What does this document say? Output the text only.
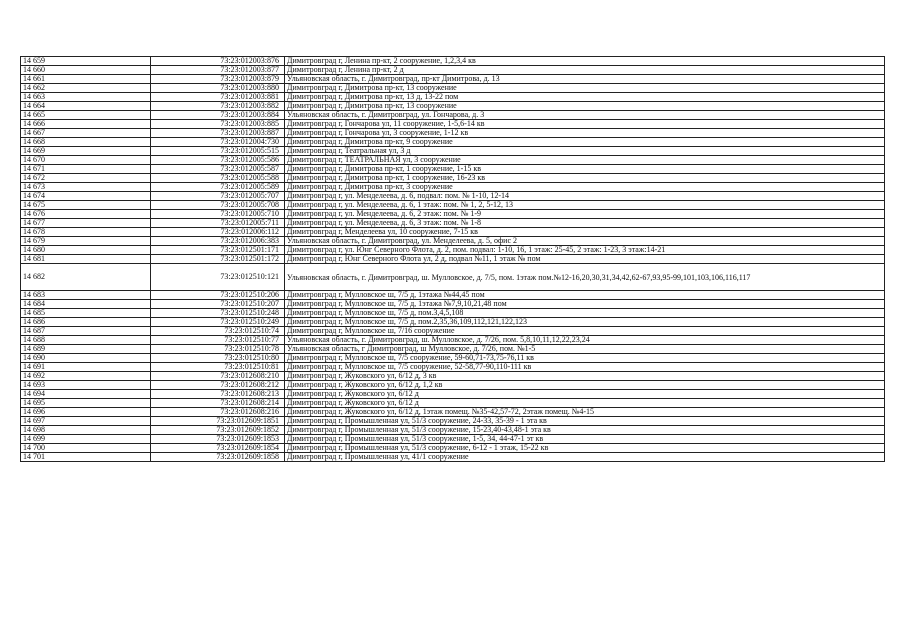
14 659	73:23:012003:876	Димитровград г, Ленина пр-кт, 2 сооружение, 1,2,3,4 кв
14 660	73:23:012003:877	Димитровград г, Ленина пр-кт, 2 д
14 661	73:23:012003:879	Ульяновская область, г. Димитровград, пр-кт Димитрова, д. 13
14 662	73:23:012003:880	Димитровград г, Димитрова пр-кт, 13 сооружение
14 663	73:23:012003:881	Димитровград г, Димитрова пр-кт, 13 д, 13-22 пом
14 664	73:23:012003:882	Димитровград г, Димитрова пр-кт, 13 сооружение
14 665	73:23:012003:884	Ульяновская область, г. Димитровград, ул. Гончарова, д. 3
14 666	73:23:012003:885	Димитровград г, Гончарова ул, 11 сооружение, 1-5,6-14 кв
14 667	73:23:012003:887	Димитровград г, Гончарова ул, 3 сооружение, 1-12 кв
14 668	73:23:012004:730	Димитровград г, Димитрова пр-кт, 9 сооружение
14 669	73:23:012005:515	Димитровград г, Театральная ул, 3 д
14 670	73:23:012005:586	Димитровград г, ТЕАТРАЛЬНАЯ ул, 3 сооружение
14 671	73:23:012005:587	Димитровград г, Димитрова пр-кт, 1 сооружение, 1-15 кв
14 672	73:23:012005:588	Димитровград г, Димитрова пр-кт, 1 сооружение, 16-23 кв
14 673	73:23:012005:589	Димитровград г, Димитрова пр-кт, 3 сооружение
14 674	73:23:012005:707	Димитровград г, ул. Менделеева, д. 6, подвал: пом. № 1-10, 12-14
14 675	73:23:012005:708	Димитровград г, ул. Менделеева, д. 6, 1 этаж: пом. № 1, 2, 5-12, 13
14 676	73:23:012005:710	Димитровград г, ул. Менделеева, д. 6, 2 этаж: пом. № 1-9
14 677	73:23:012005:711	Димитровград г, ул. Менделеева, д. 6, 3 этаж: пом. № 1-8
14 678	73:23:012006:112	Димитровград г, Менделеева ул, 10 сооружение, 7-15 кв
14 679	73:23:012006:383	Ульяновская область, г. Димитровград, ул. Менделеева, д. 5, офис 2
14 680	73:23:012501:171	Димитровград г, ул. Юнг Северного Флота, д. 2, пом. подвал: 1-10, 16, 1 этаж: 25-45, 2 этаж: 1-23, 3 этаж:14-21
14 681	73:23:012501:172	Димитровград г, Юнг Северного Флота ул, 2 д, подвал №11, 1 этаж № пом
14 682	73:23:012510:121	Ульяновская область, г. Димитровград, ш. Мулловское, д. 7/5, пом. 1этаж пом.№12-16,20,30,31,34,42,62-67,93,95-99,101,103,106,116,117
14 683	73:23:012510:206	Димитровград г, Мулловское ш, 7/5 д, 1этажа №44,45 пом
14 684	73:23:012510:207	Димитровград г, Мулловское ш, 7/5 д, 1этажа №7,9,10,21,48 пом
14 685	73:23:012510:248	Димитровград г, Мулловское ш, 7/5 д, пом.3,4,5,108
14 686	73:23:012510:249	Димитровград г, Мулловское ш, 7/5 д, пом.2,35,36,109,112,121,122,123
14 687	73:23:012510:74	Димитровград г, Мулловское ш, 7/16 сооружение
14 688	73:23:012510:77	Ульяновская область, г. Димитровград, ш. Мулловское, д. 7/26, пом. 5,8,10,11,12,22,23,24
14 689	73:23:012510:78	Ульяновская область, г Димитровград, ш Мулловское, д. 7/26, пом. №1-5
14 690	73:23:012510:80	Димитровград г, Мулловское ш, 7/5 сооружение, 59-60,71-73,75-76,11 кв
14 691	73:23:012510:81	Димитровград г, Мулловское ш, 7/5 сооружение, 52-58,77-90,110-111 кв
14 692	73:23:012608:210	Димитровград г, Жуковского ул, 6/12 д, 3 кв
14 693	73:23:012608:212	Димитровград г, Жуковского ул, 6/12 д, 1,2 кв
14 694	73:23:012608:213	Димитровград г, Жуковского ул, 6/12 д
14 695	73:23:012608:214	Димитровград г, Жуковского ул, 6/12 д
14 696	73:23:012608:216	Димитровград г, Жуковского ул, 6/12 д, 1этаж помещ. №35-42,57-72, 2этаж помещ. №4-15
14 697	73:23:012609:1851	Димитровград г, Промышленная ул, 51/3 сооружение, 24-33, 35-39 - 1 эта кв
14 698	73:23:012609:1852	Димитровград г, Промышленная ул, 51/3 сооружение, 15-23,40-43,48-1 эта кв
14 699	73:23:012609:1853	Димитровград г, Промышленная ул, 51/3 сооружение, 1-5, 34, 44-47-1 эт кв
14 700	73:23:012609:1854	Димитровград г, Промышленная ул, 51/3 сооружение, 6-12 - 1 этаж, 15-22 кв
14 701	73:23:012609:1858	Димитровград г, Промышленная ул, 41/1 сооружение
